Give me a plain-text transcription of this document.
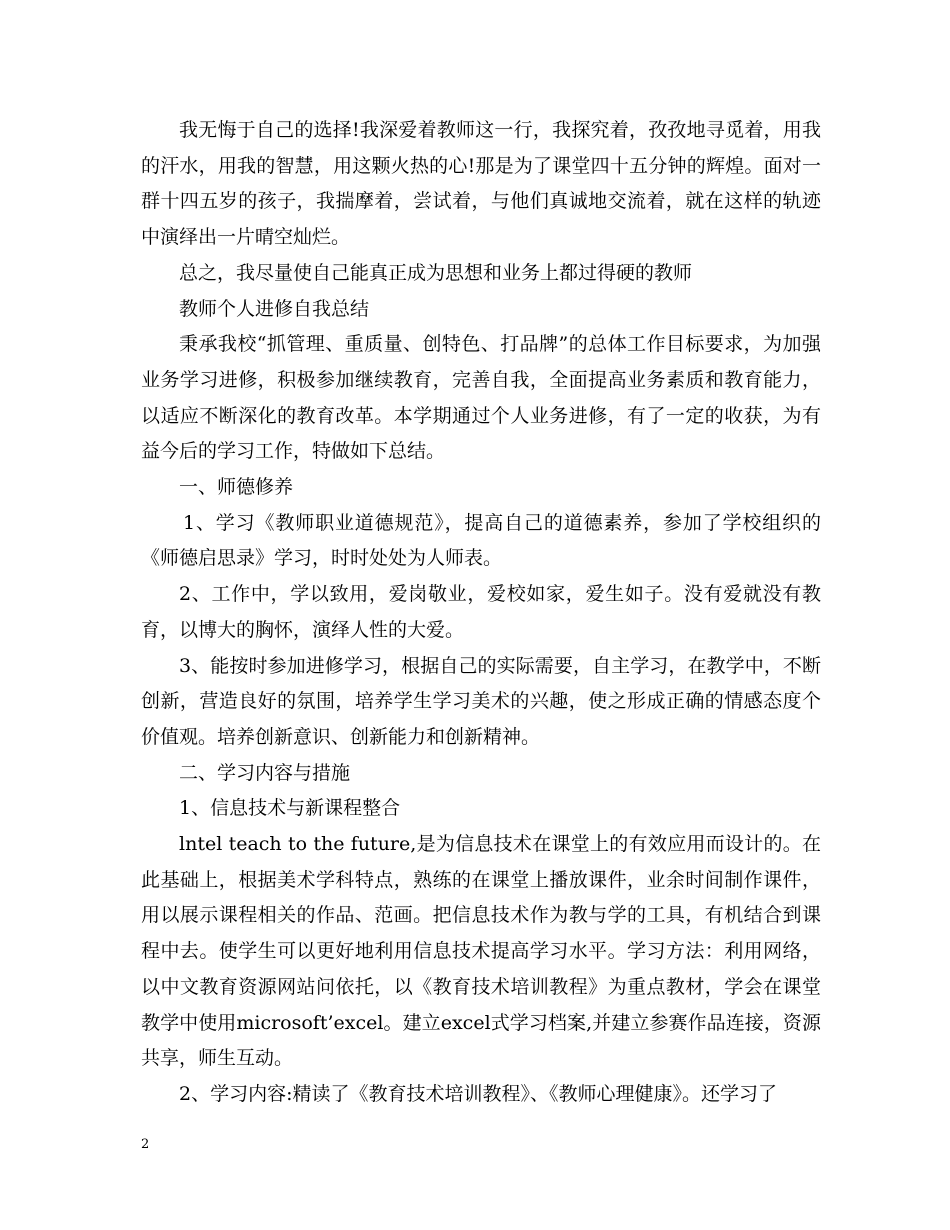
我无悔于自己的选择!我深爱着教师这一行，我探究着，孜孜地寻觅着，用我的汗水，用我的智慧，用这颗火热的心!那是为了课堂四十五分钟的辉煌。面对一群十四五岁的孩子，我揣摩着，尝试着，与他们真诚地交流着，就在这样的轨迹中演绎出一片晴空灿烂。

总之，我尽量使自己能真正成为思想和业务上都过得硬的教师

教师个人进修自我总结

秉承我校“抓管理、重质量、创特色、打品牌”的总体工作目标要求，为加强业务学习进修，积极参加继续教育，完善自我，全面提高业务素质和教育能力，以适应不断深化的教育改革。本学期通过个人业务进修，有了一定的收获，为有益今后的学习工作，特做如下总结。

一、师德修养

1、学习《教师职业道德规范》，提高自己的道德素养，参加了学校组织的《师德启思录》学习，时时处处为人师表。

2、工作中，学以致用，爱岗敬业，爱校如家，爱生如子。没有爱就没有教育，以博大的胸怀，演绎人性的大爱。

3、能按时参加进修学习，根据自己的实际需要，自主学习，在教学中，不断创新，营造良好的氛围，培养学生学习美术的兴趣，使之形成正确的情感态度个价值观。培养创新意识、创新能力和创新精神。

二、学习内容与措施

1、信息技术与新课程整合

lntel teach to the future,是为信息技术在课堂上的有效应用而设计的。在此基础上，根据美术学科特点，熟练的在课堂上播放课件，业余时间制作课件，用以展示课程相关的作品、范画。把信息技术作为教与学的工具，有机结合到课程中去。使学生可以更好地利用信息技术提高学习水平。学习方法：利用网络，以中文教育资源网站问依托，以《教育技术培训教程》为重点教材，学会在课堂教学中使用microsoft’excel。建立excel式学习档案,并建立参赛作品连接，资源共享，师生互动。

2、学习内容:精读了《教育技术培训教程》、《教师心理健康》。还学习了

2
